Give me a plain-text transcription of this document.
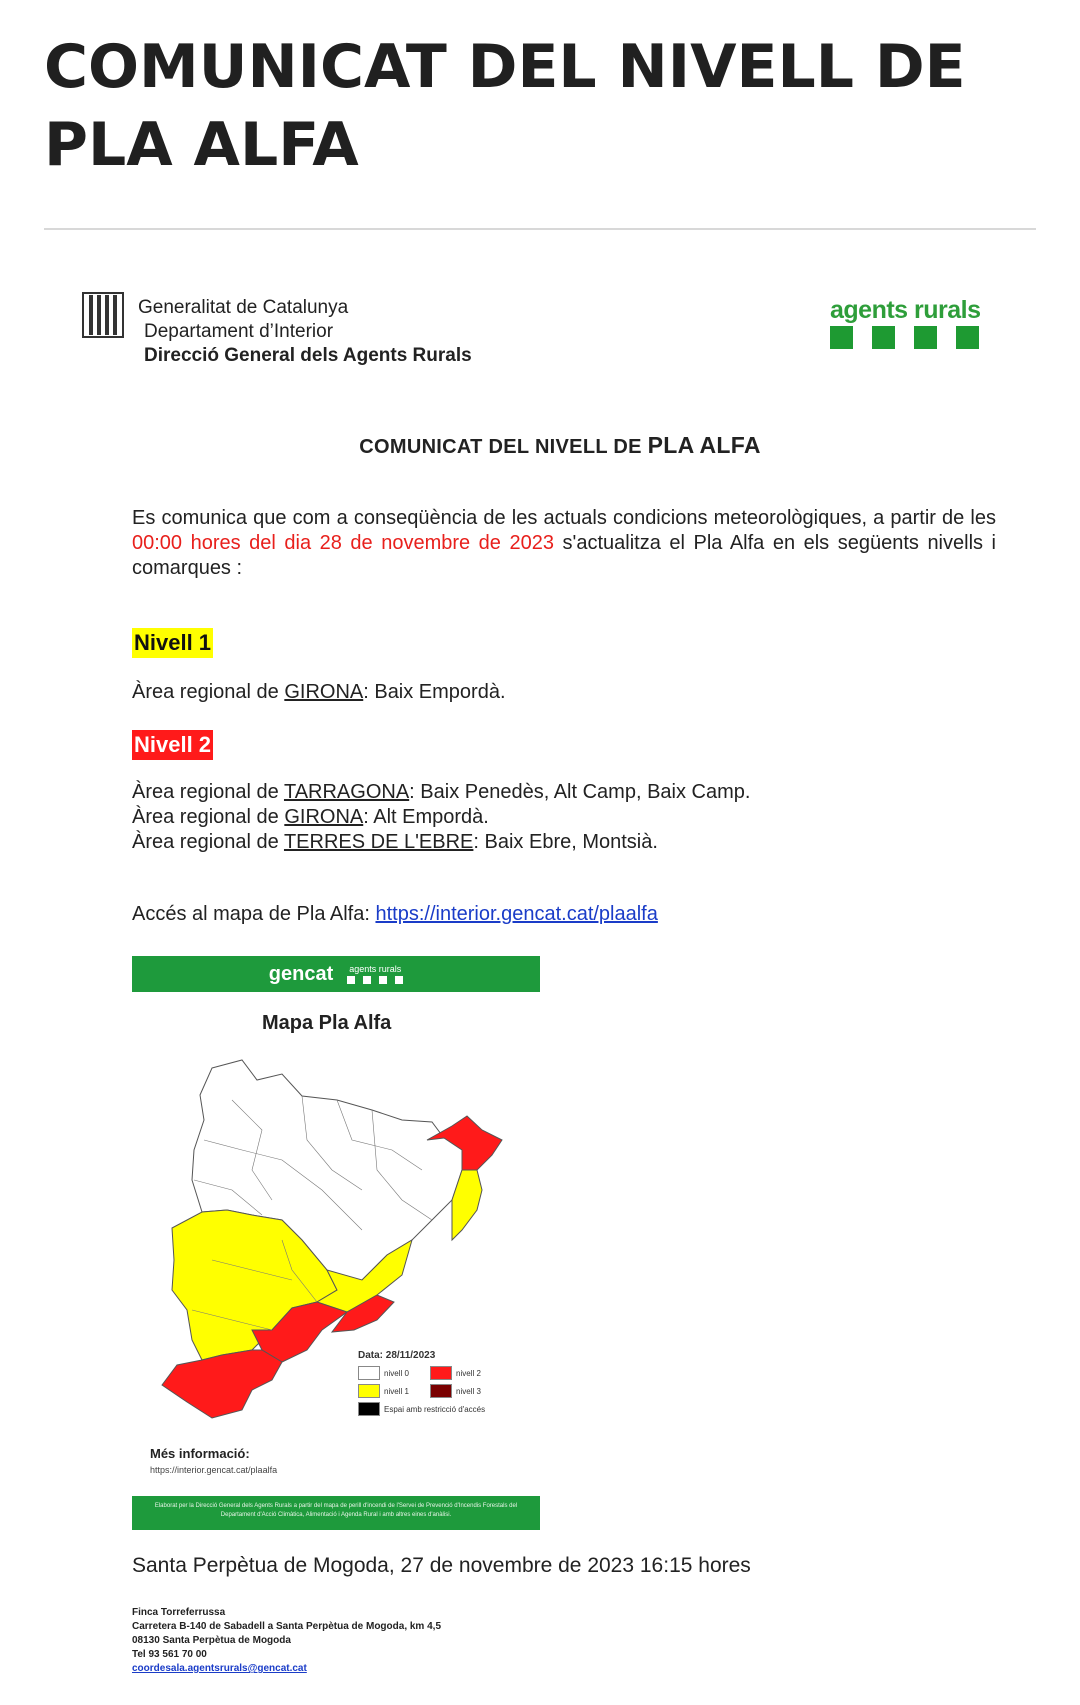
COMUNICAT DEL NIVELL DE PLA ALFA
Generalitat de Catalunya
Departament d’Interior
Direcció General dels Agents Rurals
agents rurals
COMUNICAT DEL NIVELL DE PLA ALFA
Es comunica que com a conseqüència de les actuals condicions meteorològiques, a partir de les 00:00 hores del dia 28 de novembre de 2023 s'actualitza el Pla Alfa en els següents nivells i comarques :
Nivell 1
Àrea regional de GIRONA: Baix Empordà.
Nivell 2
Àrea regional de TARRAGONA: Baix Penedès, Alt Camp, Baix Camp.
Àrea regional de GIRONA: Alt Empordà.
Àrea regional de TERRES DE L'EBRE: Baix Ebre, Montsià.
Accés al mapa de Pla Alfa: https://interior.gencat.cat/plaalfa
gencat agents rurals
Mapa Pla Alfa
Data: 28/11/2023
nivell 0	nivell 2
nivell 1	nivell 3
Espai amb restricció d'accés
Més informació:
https://interior.gencat.cat/plaalfa
Elaborat per la Direcció General dels Agents Rurals a partir del mapa de perill d'incendi de l'Servei de Prevenció d'Incendis Forestals del Departament d'Acció Climàtica, Alimentació i Agenda Rural i amb altres eines d'anàlisi.
Santa Perpètua de Mogoda, 27 de novembre de 2023 16:15 hores
Finca Torreferrussa
Carretera B-140 de Sabadell a Santa Perpètua de Mogoda, km 4,5
08130 Santa Perpètua de Mogoda
Tel 93 561 70 00
coordesala.agentsrurals@gencat.cat
